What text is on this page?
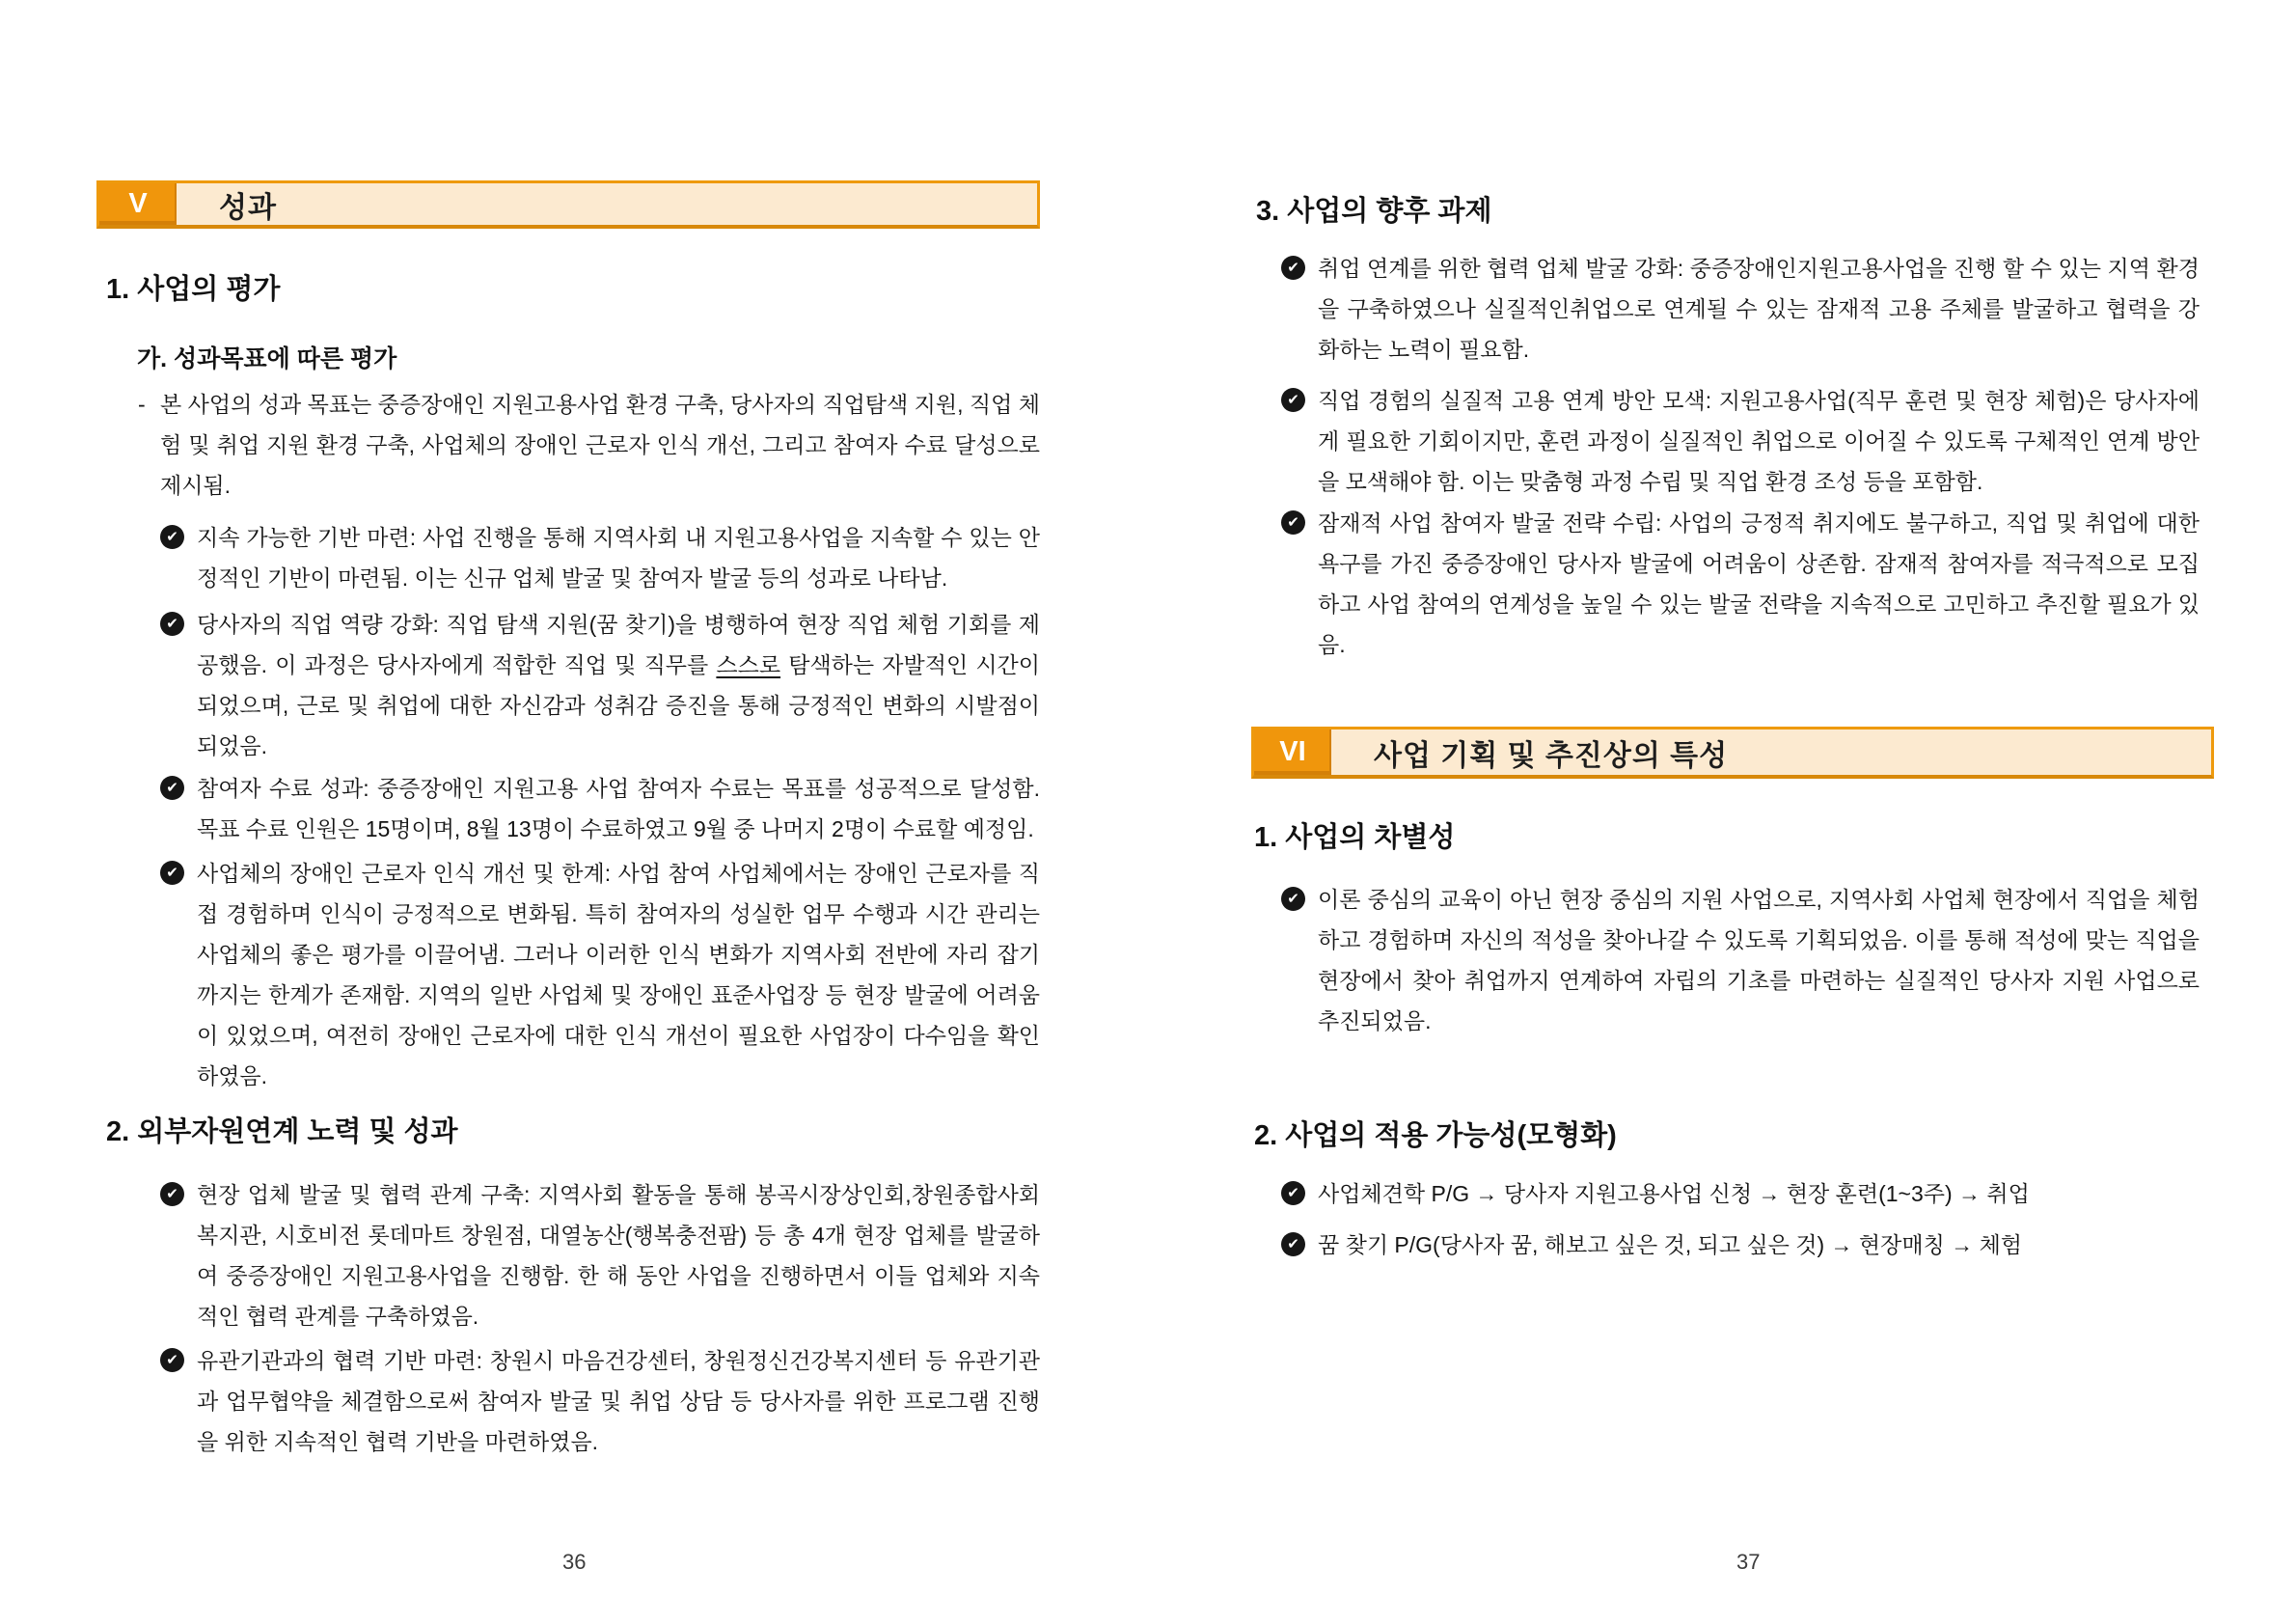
V	성과
1. 사업의 평가
가. 성과목표에 따른 평가
- 본 사업의 성과 목표는 중증장애인 지원고용사업 환경 구축, 당사자의 직업탐색 지원, 직업 체험 및 취업 지원 환경 구축, 사업체의 장애인 근로자 인식 개선, 그리고 참여자 수료 달성으로 제시됨.

✔ 지속 가능한 기반 마련: 사업 진행을 통해 지역사회 내 지원고용사업을 지속할 수 있는 안정적인 기반이 마련됨. 이는 신규 업체 발굴 및 참여자 발굴 등의 성과로 나타남.

✔ 당사자의 직업 역량 강화: 직업 탐색 지원(꿈 찾기)을 병행하여 현장 직업 체험 기회를 제공했음. 이 과정은 당사자에게 적합한 직업 및 직무를 스스로 탐색하는 자발적인 시간이 되었으며, 근로 및 취업에 대한 자신감과 성취감 증진을 통해 긍정적인 변화의 시발점이 되었음.

✔ 참여자 수료 성과: 중증장애인 지원고용 사업 참여자 수료는 목표를 성공적으로 달성함. 목표 수료 인원은 15명이며, 8월 13명이 수료하였고 9월 중 나머지 2명이 수료할 예정임.

✔ 사업체의 장애인 근로자 인식 개선 및 한계: 사업 참여 사업체에서는 장애인 근로자를 직접 경험하며 인식이 긍정적으로 변화됨. 특히 참여자의 성실한 업무 수행과 시간 관리는 사업체의 좋은 평가를 이끌어냄. 그러나 이러한 인식 변화가 지역사회 전반에 자리 잡기까지는 한계가 존재함. 지역의 일반 사업체 및 장애인 표준사업장 등 현장 발굴에 어려움이 있었으며, 여전히 장애인 근로자에 대한 인식 개선이 필요한 사업장이 다수임을 확인하였음.

2. 외부자원연계 노력 및 성과
✔ 현장 업체 발굴 및 협력 관계 구축: 지역사회 활동을 통해 봉곡시장상인회,창원종합사회복지관, 시호비전 롯데마트 창원점, 대열농산(행복충전팜) 등 총 4개 현장 업체를 발굴하여 중증장애인 지원고용사업을 진행함. 한 해 동안 사업을 진행하면서 이들 업체와 지속적인 협력 관계를 구축하였음.

✔ 유관기관과의 협력 기반 마련: 창원시 마음건강센터, 창원정신건강복지센터 등 유관기관과 업무협약을 체결함으로써 참여자 발굴 및 취업 상담 등 당사자를 위한 프로그램 진행을 위한 지속적인 협력 기반을 마련하였음.

36
3. 사업의 향후 과제
✔ 취업 연계를 위한 협력 업체 발굴 강화: 중증장애인지원고용사업을 진행 할 수 있는 지역 환경을 구축하였으나 실질적인취업으로 연계될 수 있는 잠재적 고용 주체를 발굴하고 협력을 강화하는 노력이 필요함.

✔ 직업 경험의 실질적 고용 연계 방안 모색: 지원고용사업(직무 훈련 및 현장 체험)은 당사자에게 필요한 기회이지만, 훈련 과정이 실질적인 취업으로 이어질 수 있도록 구체적인 연계 방안을 모색해야 함. 이는 맞춤형 과정 수립 및 직업 환경 조성 등을 포함함.

✔ 잠재적 사업 참여자 발굴 전략 수립: 사업의 긍정적 취지에도 불구하고, 직업 및 취업에 대한 욕구를 가진 중증장애인 당사자 발굴에 어려움이 상존함. 잠재적 참여자를 적극적으로 모집하고 사업 참여의 연계성을 높일 수 있는 발굴 전략을 지속적으로 고민하고 추진할 필요가 있음.

VI	사업 기획 및 추진상의 특성
1. 사업의 차별성
✔ 이론 중심의 교육이 아닌 현장 중심의 지원 사업으로, 지역사회 사업체 현장에서 직업을 체험하고 경험하며 자신의 적성을 찾아나갈 수 있도록 기획되었음. 이를 통해 적성에 맞는 직업을 현장에서 찾아 취업까지 연계하여 자립의 기초를 마련하는 실질적인 당사자 지원 사업으로 추진되었음.

2. 사업의 적용 가능성(모형화)
✔ 사업체견학 P/G → 당사자 지원고용사업 신청 → 현장 훈련(1~3주) → 취업

✔ 꿈 찾기 P/G(당사자 꿈, 해보고 싶은 것, 되고 싶은 것) → 현장매칭 → 체험

37
